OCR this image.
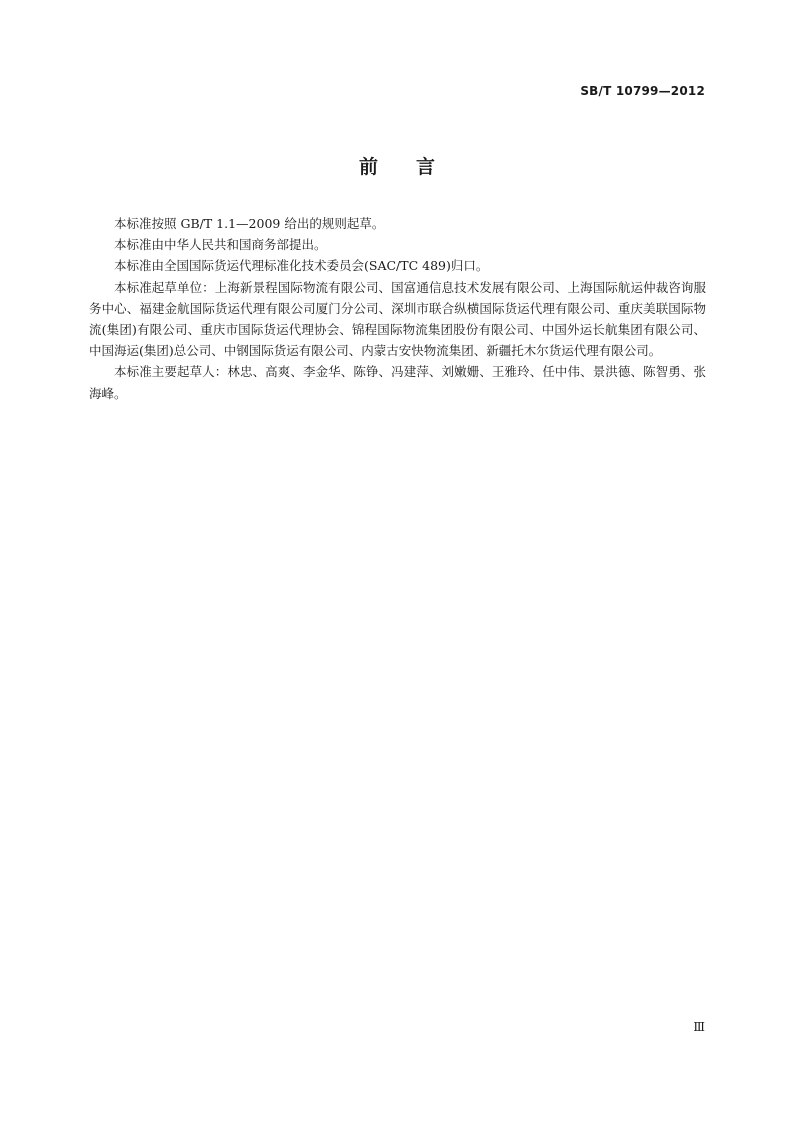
SB/T 10799—2012
前　　言

本标准按照 GB/T 1.1—2009 给出的规则起草。

本标准由中华人民共和国商务部提出。

本标准由全国国际货运代理标准化技术委员会(SAC/TC 489)归口。

本标准起草单位：上海新景程国际物流有限公司、国富通信息技术发展有限公司、上海国际航运仲裁咨询服务中心、福建金航国际货运代理有限公司厦门分公司、深圳市联合纵横国际货运代理有限公司、重庆美联国际物流(集团)有限公司、重庆市国际货运代理协会、锦程国际物流集团股份有限公司、中国外运长航集团有限公司、中国海运(集团)总公司、中钢国际货运有限公司、内蒙古安快物流集团、新疆托木尔货运代理有限公司。

本标准主要起草人：林忠、高爽、李金华、陈铮、冯建萍、刘嫩姗、王雅玲、任中伟、景洪德、陈智勇、张海峰。

Ⅲ
